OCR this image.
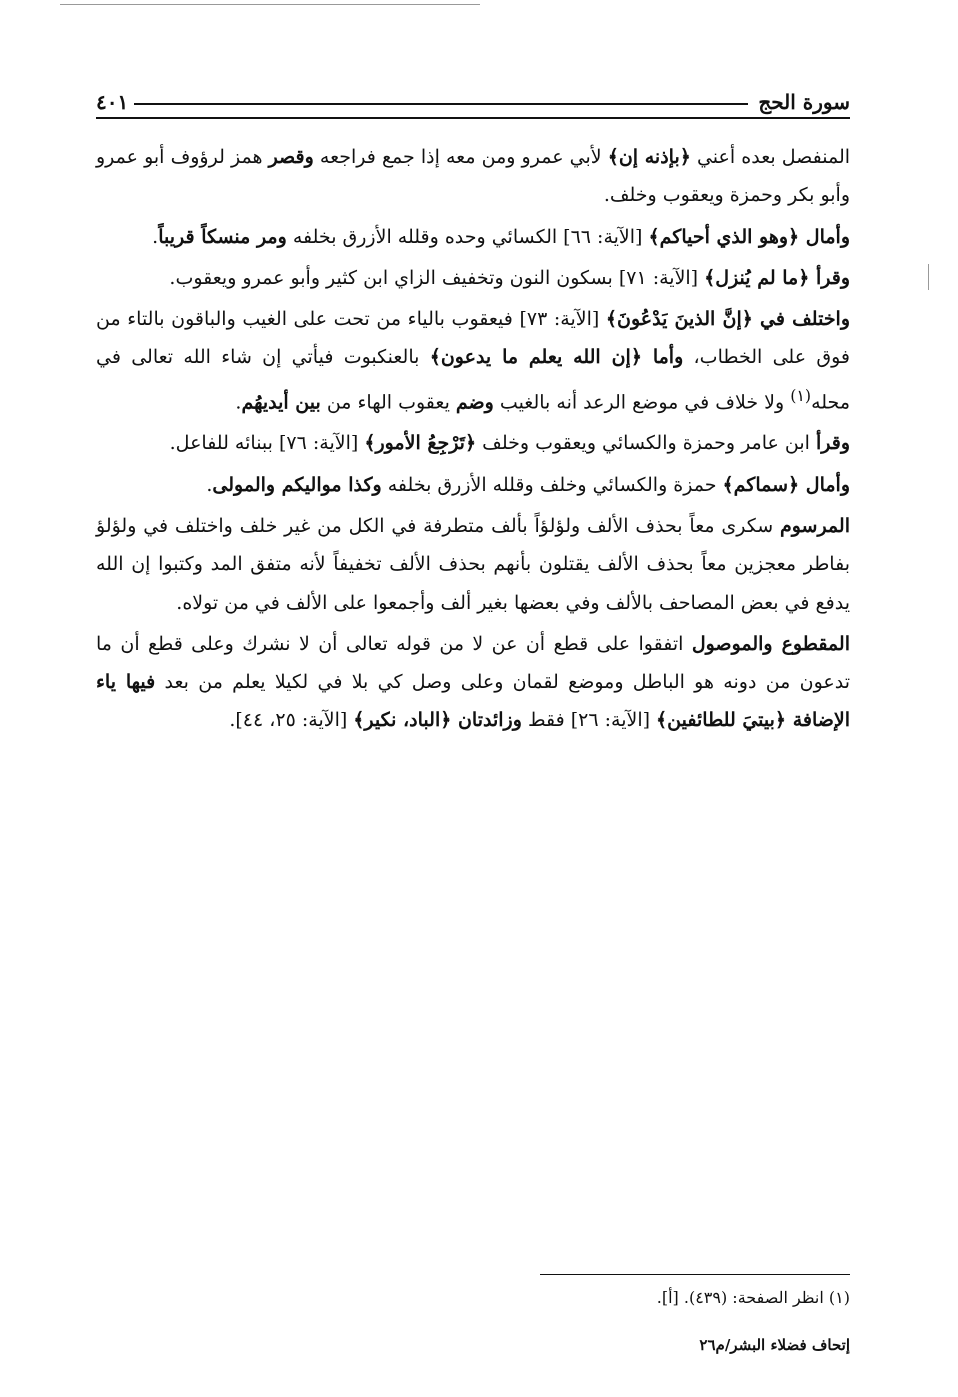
سورة الحج
٤٠١

المنفصل بعده أعني ﴿بإذنه إن﴾ لأبي عمرو ومن معه إذا جمع فراجعه وقصر همز لرؤوف أبو عمرو وأبو بكر وحمزة ويعقوب وخلف.

وأمال ﴿وهو الذي أحياكم﴾ [الآية: ٦٦] الكسائي وحده وقلله الأزرق بخلفه ومر منسكاً قريباً.

وقرأ ﴿ما لم يُنزل﴾ [الآية: ٧١] بسكون النون وتخفيف الزاي ابن كثير وأبو عمرو ويعقوب.

واختلف في ﴿إنَّ الذينَ يَدْعُونَ﴾ [الآية: ٧٣] فيعقوب بالياء من تحت على الغيب والباقون بالتاء من فوق على الخطاب، وأما ﴿إن الله يعلم ما يدعون﴾ بالعنكبوت فيأتي إن شاء الله تعالى في محله$^{(١)}$ ولا خلاف في موضع الرعد أنه بالغيب وضم يعقوب الهاء من بين أيديهُم.

وقرأ ابن عامر وحمزة والكسائي ويعقوب وخلف ﴿تَرْجِعُ الأمور﴾ [الآية: ٧٦] ببنائه للفاعل.

وأمال ﴿سماكم﴾ حمزة والكسائي وخلف وقلله الأزرق بخلفه وكذا مواليكم والمولى.

المرسوم سكرى معاً بحذف الألف ولؤلؤاً بألف متطرفة في الكل من غير خلف واختلف في ولؤلؤ بفاطر معجزين معاً بحذف الألف يقتلون بأنهم بحذف الألف تخفيفاً لأنه متفق المد وكتبوا إن الله يدفع في بعض المصاحف بالألف وفي بعضها بغير ألف وأجمعوا على الألف في من تولاه.

المقطوع والموصول اتفقوا على قطع أن عن لا من قوله تعالى أن لا نشرك وعلى قطع أن ما تدعون من دونه هو الباطل وموضع لقمان وعلى وصل كي بلا في لكيلا يعلم من بعد فيها ياء الإضافة ﴿بيتيَ للطائفين﴾ [الآية: ٢٦] فقط وزائدتان ﴿الباد، نكير﴾ [الآية: ٢٥، ٤٤].

(١) انظر الصفحة: (٤٣٩). [أ].
إتحاف فضلاء البشر/م٢٦
